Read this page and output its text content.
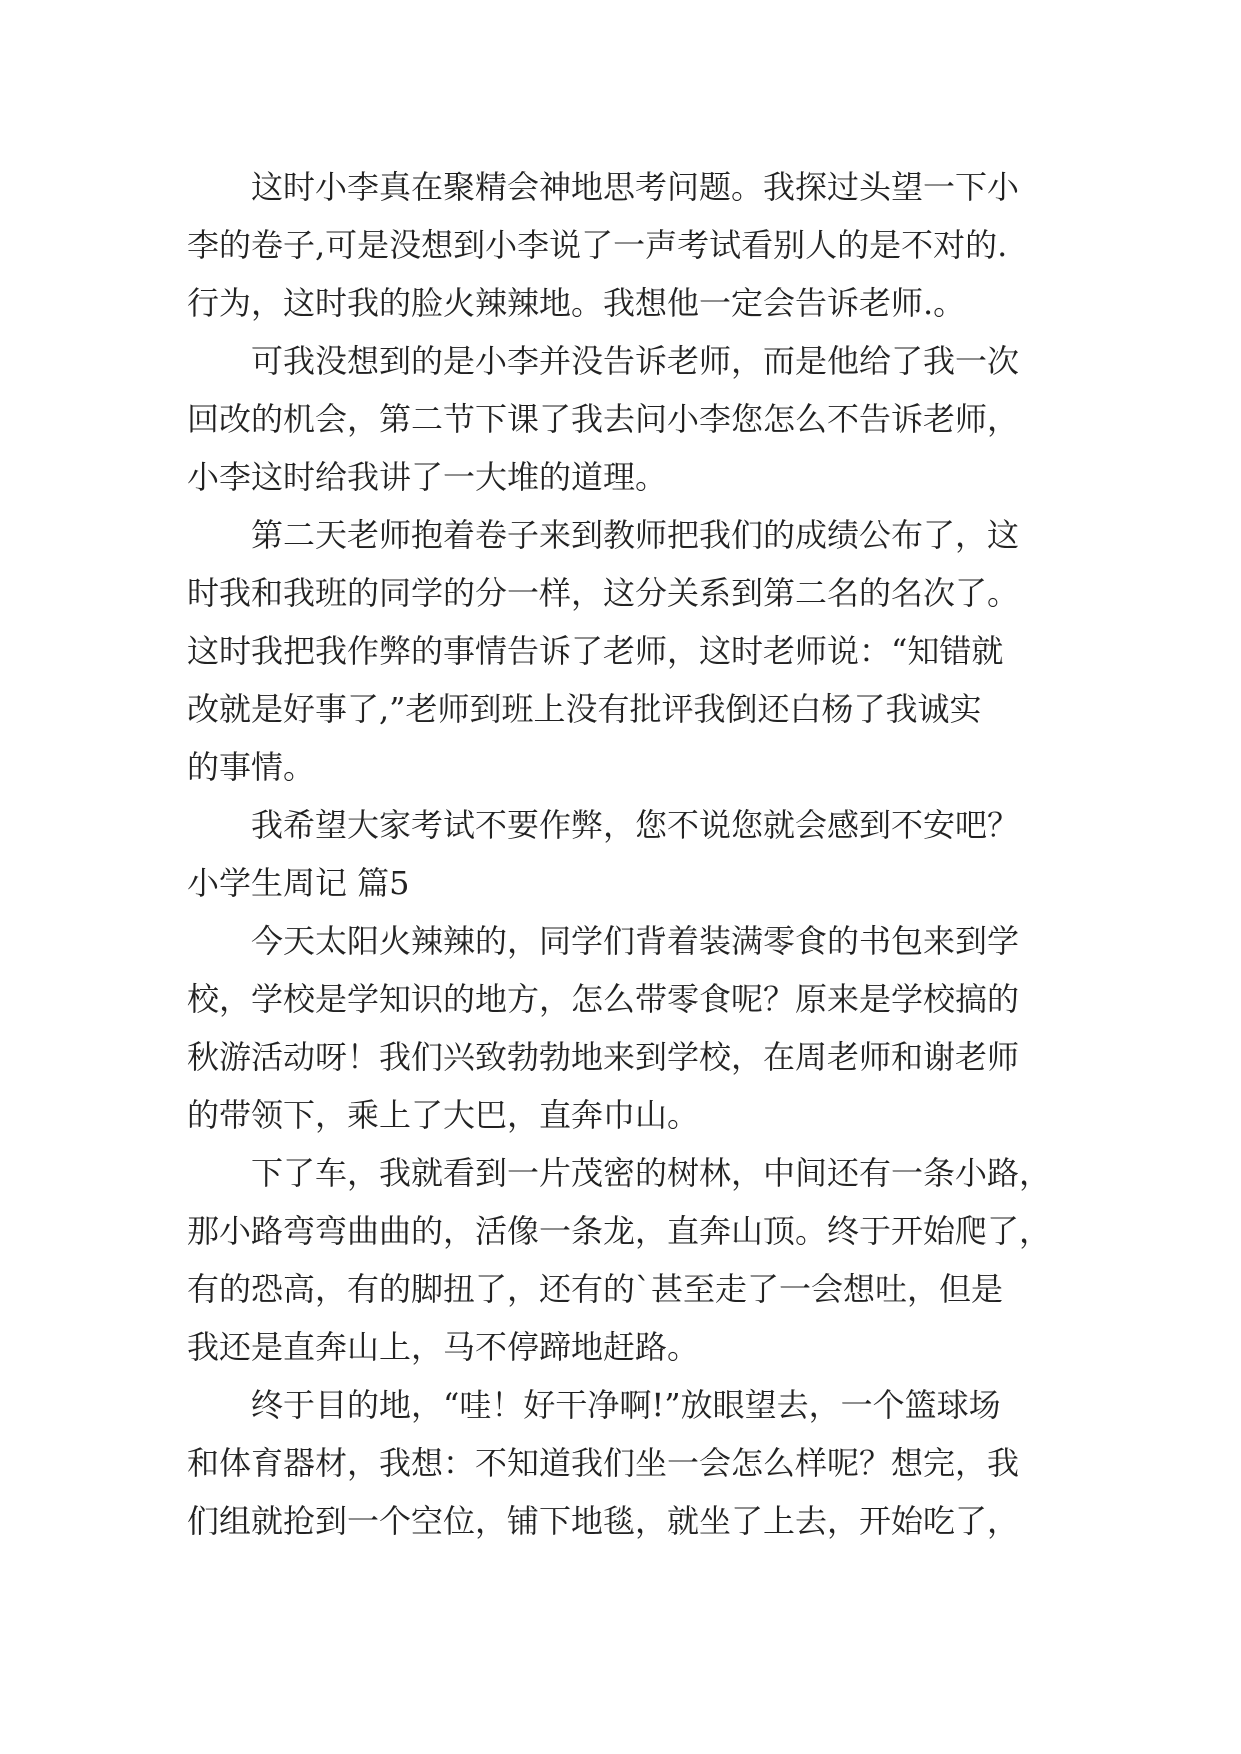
这时小李真在聚精会神地思考问题。我探过头望一下小
李的卷子,可是没想到小李说了一声考试看别人的是不对的.
行为，这时我的脸火辣辣地。我想他一定会告诉老师.。
可我没想到的是小李并没告诉老师，而是他给了我一次
回改的机会，第二节下课了我去问小李您怎么不告诉老师，
小李这时给我讲了一大堆的道理。
第二天老师抱着卷子来到教师把我们的成绩公布了，这
时我和我班的同学的分一样，这分关系到第二名的名次了。
这时我把我作弊的事情告诉了老师，这时老师说：“知错就
改就是好事了,”老师到班上没有批评我倒还白杨了我诚实
的事情。
我希望大家考试不要作弊，您不说您就会感到不安吧？
小学生周记 篇5
今天太阳火辣辣的，同学们背着装满零食的书包来到学
校，学校是学知识的地方，怎么带零食呢？原来是学校搞的
秋游活动呀！我们兴致勃勃地来到学校，在周老师和谢老师
的带领下，乘上了大巴，直奔巾山。
下了车，我就看到一片茂密的树林，中间还有一条小路，
那小路弯弯曲曲的，活像一条龙，直奔山顶。终于开始爬了，
有的恐高，有的脚扭了，还有的`甚至走了一会想吐，但是
我还是直奔山上，马不停蹄地赶路。
终于目的地，“哇！好干净啊!”放眼望去，一个篮球场
和体育器材，我想：不知道我们坐一会怎么样呢？想完，我
们组就抢到一个空位，铺下地毯，就坐了上去，开始吃了，
